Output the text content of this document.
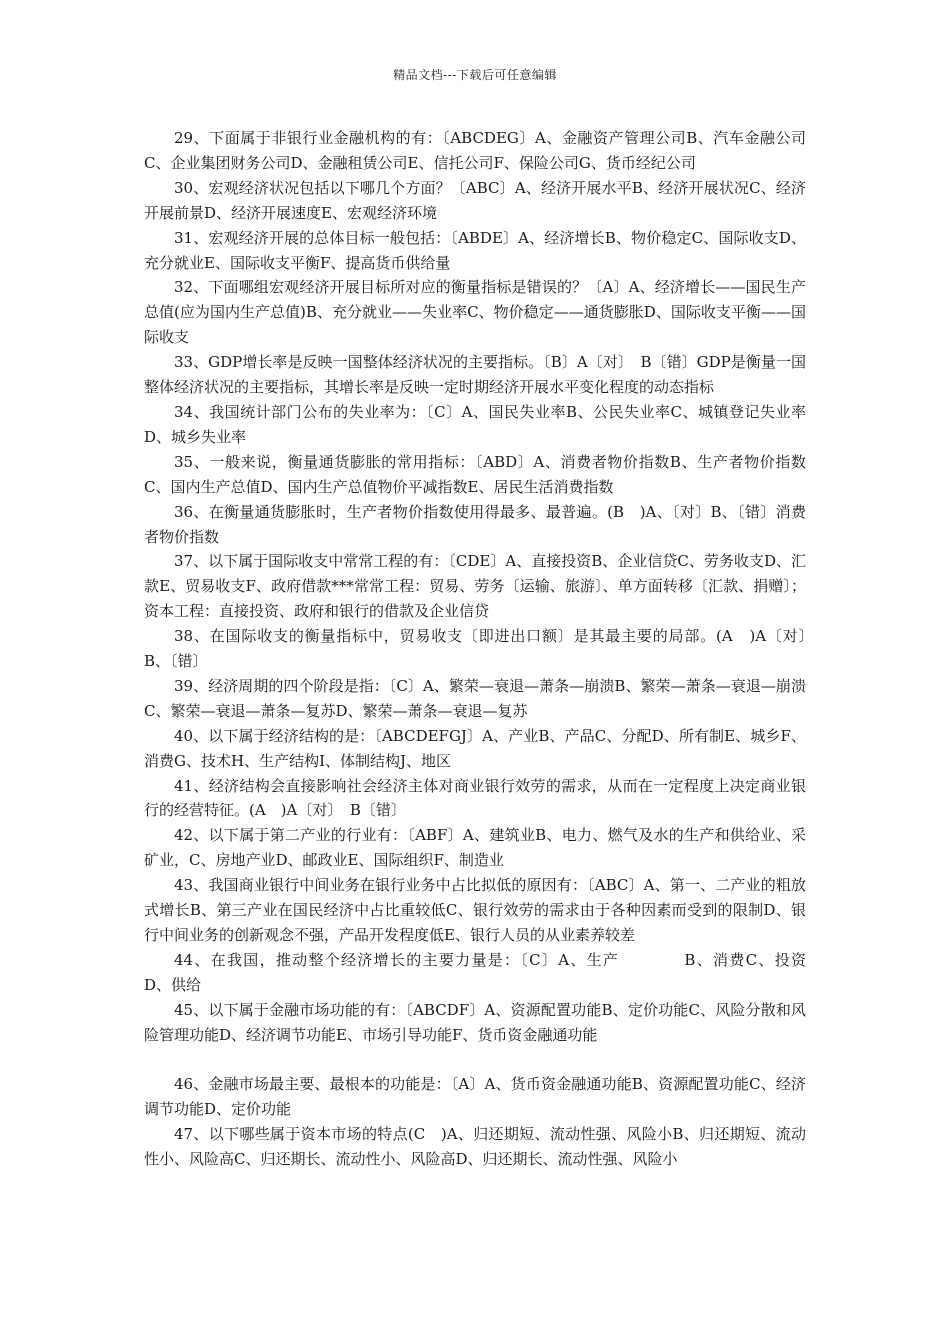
精品文档---下载后可任意编辑

29、下面属于非银行业金融机构的有：〔ABCDEG〕A、金融资产管理公司B、汽车金融公司C、企业集团财务公司D、金融租赁公司E、信托公司F、保险公司G、货币经纪公司

30、宏观经济状况包括以下哪几个方面？〔ABC〕A、经济开展水平B、经济开展状况C、经济开展前景D、经济开展速度E、宏观经济环境

31、宏观经济开展的总体目标一般包括：〔ABDE〕A、经济增长B、物价稳定C、国际收支D、充分就业E、国际收支平衡F、提高货币供给量

32、下面哪组宏观经济开展目标所对应的衡量指标是错误的？〔A〕A、经济增长——国民生产总值(应为国内生产总值)B、充分就业——失业率C、物价稳定——通货膨胀D、国际收支平衡——国际收支

33、GDP增长率是反映一国整体经济状况的主要指标。〔B〕A〔对〕　B〔错〕GDP是衡量一国整体经济状况的主要指标，其增长率是反映一定时期经济开展水平变化程度的动态指标

34、我国统计部门公布的失业率为：〔C〕A、国民失业率B、公民失业率C、城镇登记失业率D、城乡失业率

35、一般来说，衡量通货膨胀的常用指标：〔ABD〕A、消费者物价指数B、生产者物价指数C、国内生产总值D、国内生产总值物价平减指数E、居民生活消费指数

36、在衡量通货膨胀时，生产者物价指数使用得最多、最普遍。(B　)A、〔对〕B、〔错〕消费者物价指数

37、以下属于国际收支中常常工程的有：〔CDE〕A、直接投资B、企业信贷C、劳务收支D、汇款E、贸易收支F、政府借款***常常工程：贸易、劳务〔运输、旅游〕、单方面转移〔汇款、捐赠〕；资本工程：直接投资、政府和银行的借款及企业信贷

38、在国际收支的衡量指标中，贸易收支〔即进出口额〕是其最主要的局部。(A　)A〔对〕　B、〔错〕

39、经济周期的四个阶段是指：〔C〕A、繁荣—衰退—萧条—崩溃B、繁荣—萧条—衰退—崩溃C、繁荣—衰退—萧条—复苏D、繁荣—萧条—衰退—复苏

40、以下属于经济结构的是：〔ABCDEFGJ〕A、产业B、产品C、分配D、所有制E、城乡F、消费G、技术H、生产结构I、体制结构J、地区

41、经济结构会直接影响社会经济主体对商业银行效劳的需求，从而在一定程度上决定商业银行的经营特征。(A　)A〔对〕　B〔错〕

42、以下属于第二产业的行业有：〔ABF〕A、建筑业B、电力、燃气及水的生产和供给业、采矿业，C、房地产业D、邮政业E、国际组织F、制造业

43、我国商业银行中间业务在银行业务中占比拟低的原因有：〔ABC〕A、第一、二产业的粗放式增长B、第三产业在国民经济中占比重较低C、银行效劳的需求由于各种因素而受到的限制D、银行中间业务的创新观念不强，产品开发程度低E、银行人员的从业素养较差

44、在我国，推动整个经济增长的主要力量是：〔C〕A、生产　　　　B、消费C、投资　　　　D、供给

45、以下属于金融市场功能的有：〔ABCDF〕A、资源配置功能B、定价功能C、风险分散和风险管理功能D、经济调节功能E、市场引导功能F、货币资金融通功能

46、金融市场最主要、最根本的功能是：〔A〕A、货币资金融通功能B、资源配置功能C、经济调节功能D、定价功能

47、以下哪些属于资本市场的特点(C　)A、归还期短、流动性强、风险小B、归还期短、流动性小、风险高C、归还期长、流动性小、风险高D、归还期长、流动性强、风险小
